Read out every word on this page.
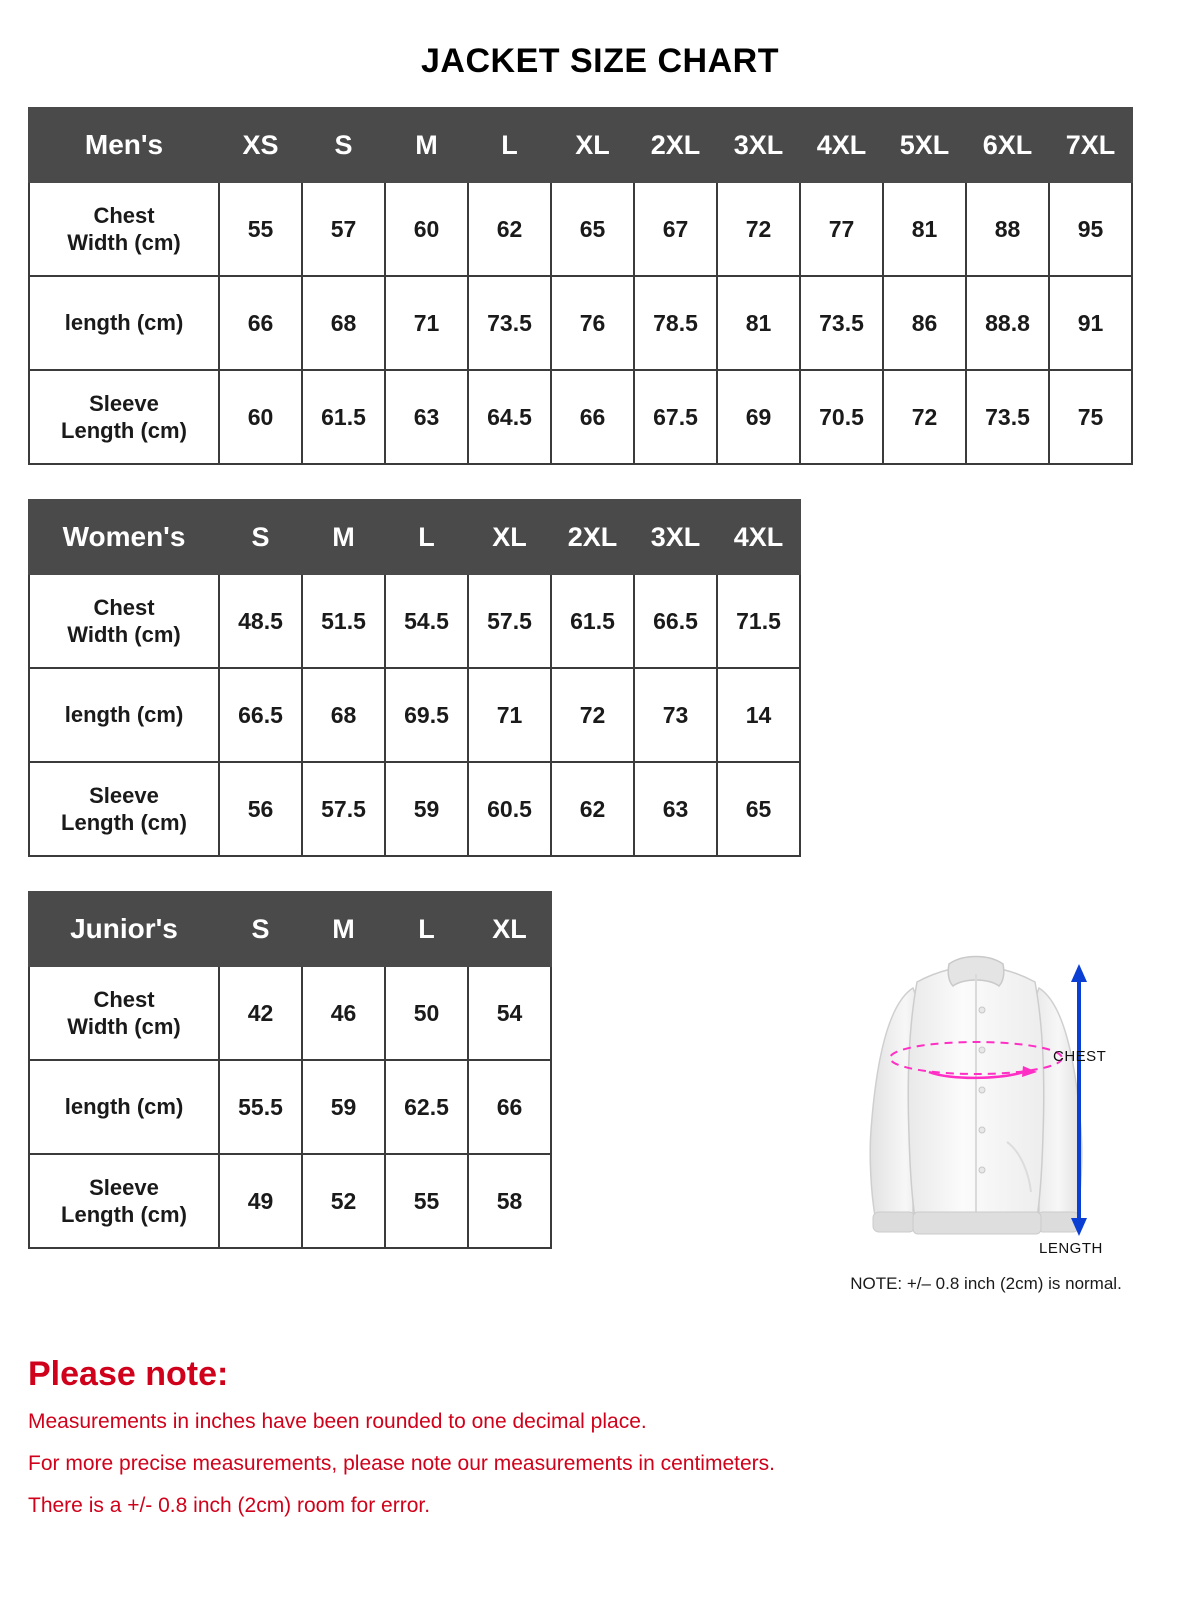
JACKET SIZE CHART
Men's	XS	S	M	L	XL	2XL	3XL	4XL	5XL	6XL	7XL

Chest
Width (cm)	55	57	60	62	65	67	72	77	81	88	95

length (cm)	66	68	71	73.5	76	78.5	81	73.5	86	88.8	91

Sleeve
Length (cm)	60	61.5	63	64.5	66	67.5	69	70.5	72	73.5	75
Women's	S	M	L	XL	2XL	3XL	4XL

Chest
Width (cm)	48.5	51.5	54.5	57.5	61.5	66.5	71.5

length (cm)	66.5	68	69.5	71	72	73	14

Sleeve
Length (cm)	56	57.5	59	60.5	62	63	65
Junior's	S	M	L	XL

Chest
Width (cm)	42	46	50	54

length (cm)	55.5	59	62.5	66

Sleeve
Length (cm)	49	52	55	58
CHEST
LENGTH
NOTE: +/– 0.8 inch (2cm) is normal.
Please note:
Measurements in inches have been rounded to one decimal place.
For more precise measurements, please note our measurements in centimeters.
There is a +/- 0.8 inch (2cm) room for error.
